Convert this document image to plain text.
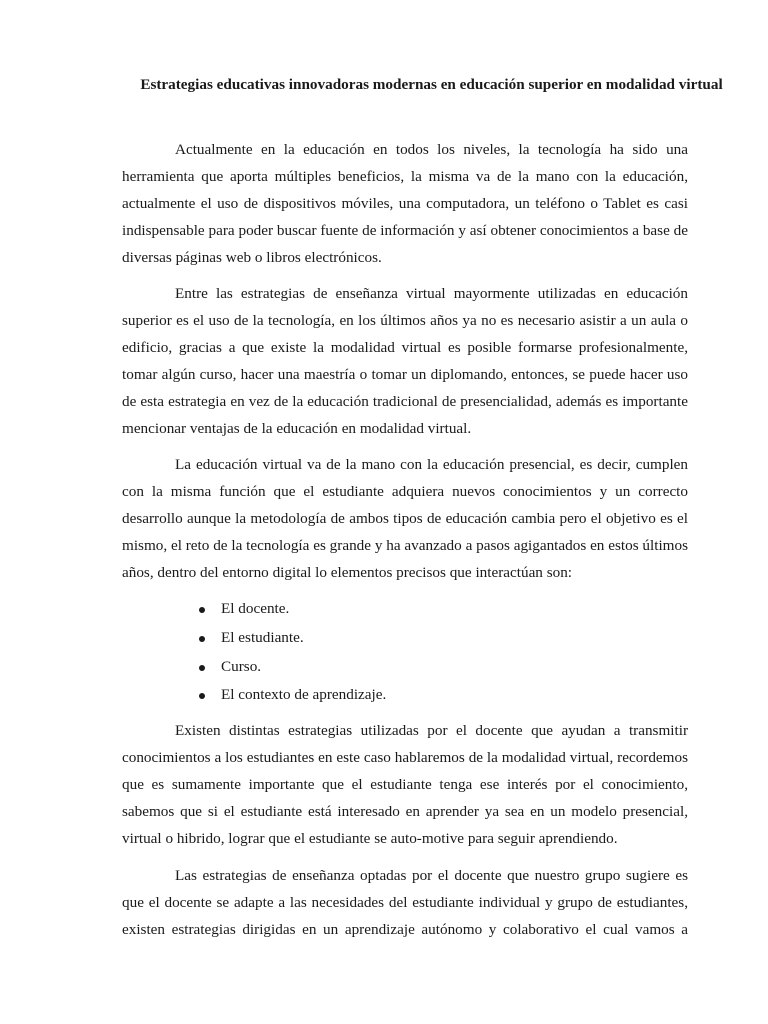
Estrategias educativas innovadoras modernas en educación superior en modalidad virtual

Actualmente en la educación en todos los niveles, la tecnología ha sido una herramienta que aporta múltiples beneficios, la misma va de la mano con la educación, actualmente el uso de dispositivos móviles, una computadora, un teléfono o Tablet es casi indispensable para poder buscar fuente de información y así obtener conocimientos a base de diversas páginas web o libros electrónicos.

Entre las estrategias de enseñanza virtual mayormente utilizadas en educación superior es el uso de la tecnología, en los últimos años ya no es necesario asistir a un aula o edificio, gracias a que existe la modalidad virtual es posible formarse profesionalmente, tomar algún curso, hacer una maestría o tomar un diplomando, entonces, se puede hacer uso de esta estrategia en vez de la educación tradicional de presencialidad, además es importante mencionar ventajas de la educación en modalidad virtual.

La educación virtual va de la mano con la educación presencial, es decir, cumplen con la misma función que el estudiante adquiera nuevos conocimientos y un correcto desarrollo aunque la metodología de ambos tipos de educación cambia pero el objetivo es el mismo, el reto de la tecnología es grande y ha avanzado a pasos agigantados en estos últimos años, dentro del entorno digital lo elementos precisos que interactúan son:

El docente.
El estudiante.
Curso.
El contexto de aprendizaje.

Existen distintas estrategias utilizadas por el docente que ayudan a transmitir conocimientos a los estudiantes en este caso hablaremos de la modalidad virtual, recordemos que es sumamente importante que el estudiante tenga ese interés por el conocimiento, sabemos que si el estudiante está interesado en aprender ya sea en un modelo presencial, virtual o hibrido, lograr que el estudiante se auto-motive para seguir aprendiendo.

Las estrategias de enseñanza optadas por el docente que nuestro grupo sugiere es que el docente se adapte a las necesidades del estudiante individual y grupo de estudiantes, existen estrategias dirigidas en un aprendizaje autónomo y colaborativo el cual vamos a
